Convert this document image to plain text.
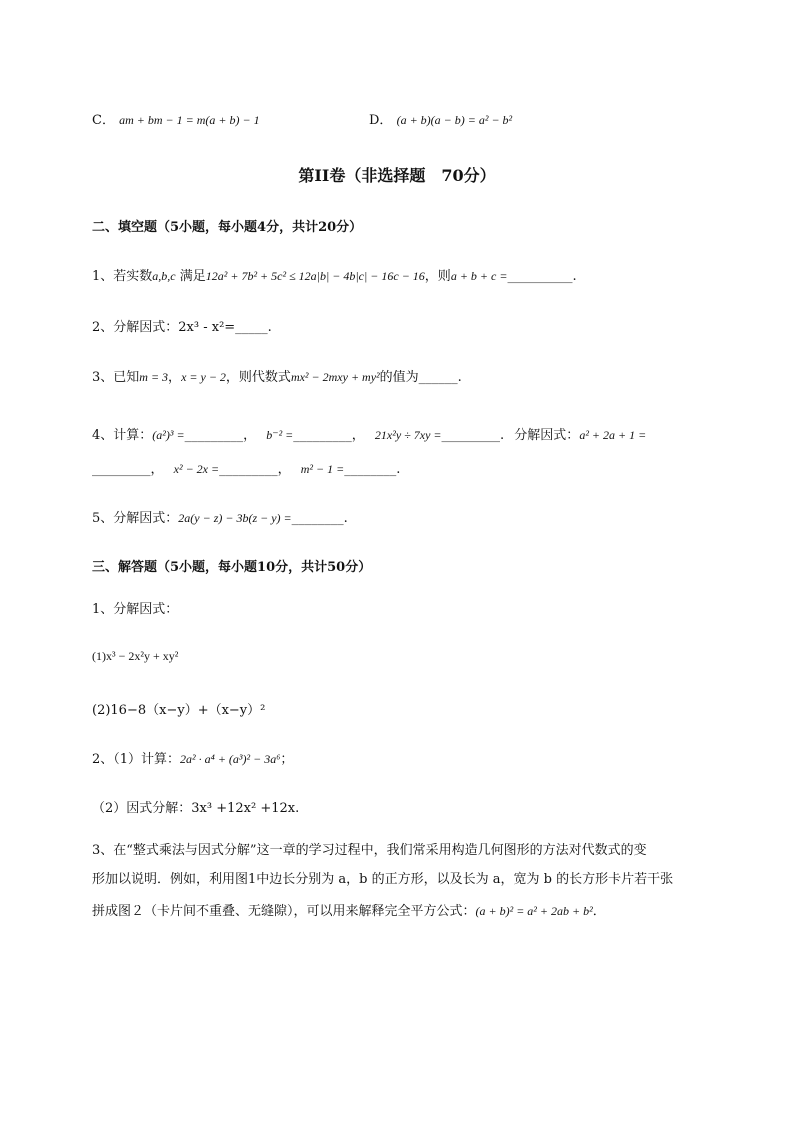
C． am + bm − 1 = m(a + b) − 1	D． (a + b)(a − b) = a² − b²
第II卷（非选择题　70分）
二、填空题（5小题，每小题4分，共计20分）
1、若实数a,b,c 满足12a² + 7b² + 5c² ≤ 12a|b| − 4b|c| − 16c − 16，则a + b + c =__________.
2、分解因式：2x³ - x²=_____.
3、已知m = 3，x = y − 2，则代数式mx² − 2mxy + my²的值为______.
4、计算：(a²)³ =_________， b⁻² =_________， 21x²y ÷ 7xy =_________. 分解因式：a² + 2a + 1 =
_________， x² − 2x =_________， m² − 1 =________.
5、分解因式：2a(y − z) − 3b(z − y) =________.
三、解答题（5小题，每小题10分，共计50分）
1、分解因式：
(1)x³ − 2x²y + xy²
(2)16−8（x−y）+（x−y）²
2、（1）计算：2a² · a⁴ + (a³)² − 3a⁶；
（2）因式分解：3x³ +12x² +12x.
3、在“整式乘法与因式分解”这一章的学习过程中，我们常采用构造几何图形的方法对代数式的变
形加以说明．例如，利用图1中边长分别为 a，b 的正方形，以及长为 a，宽为 b 的长方形卡片若干张
拼成图２（卡片间不重叠、无缝隙），可以用来解释完全平方公式：(a + b)² = a² + 2ab + b²．
